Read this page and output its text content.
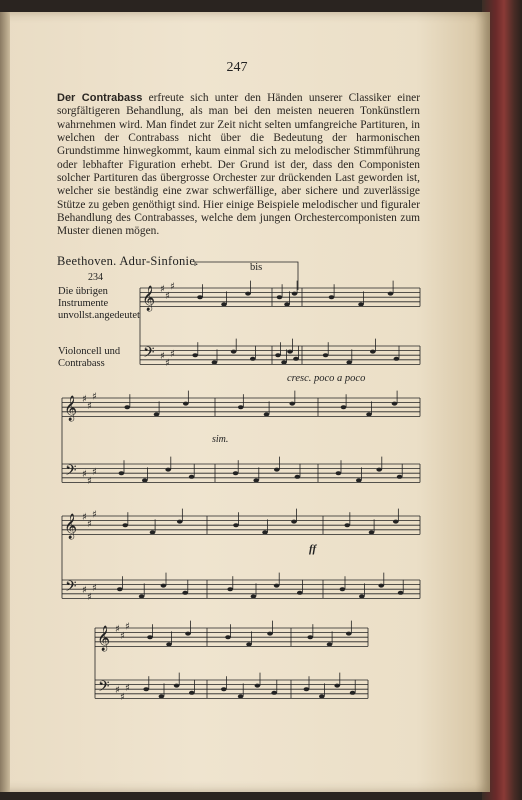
247
Der Contrabass erfreute sich unter den Händen unserer Classiker einer sorgfältigeren Behandlung, als man bei den meisten neueren Tonkünstlern wahrnehmen wird. Man findet zur Zeit nicht selten umfangreiche Partituren, in welchen der Contrabass nicht über die Bedeutung der harmonischen Grundstimme hinwegkommt, kaum einmal sich zu melodischer Stimmführung oder lebhafter Figuration erhebt. Der Grund ist der, dass den Componisten solcher Partituren das übergrosse Orchester zur drückenden Last geworden ist, welcher sie beständig eine zwar schwerfällige, aber sichere und zuverlässige Stütze zu geben genöthigt sind. Hier einige Beispiele melodischer und figuraler Behandlung des Contrabasses, welche dem jungen Orchestercomponisten zum Muster dienen mögen.
Beethoven. Adur-Sinfonie.
234
bis
Die übrigen Instrumente unvollst.angedeutet
Violoncell und Contrabass
cresc. poco a poco
sim.
ff
𝄞
𝄢
♯
♯
♯
♯
♯
♯
𝄞
𝄢
♯
♯
♯
♯
♯
♯
𝄞
𝄢
♯
♯
♯
♯
♯
♯
𝄞
𝄢
♯
♯
♯
♯
♯
♯
